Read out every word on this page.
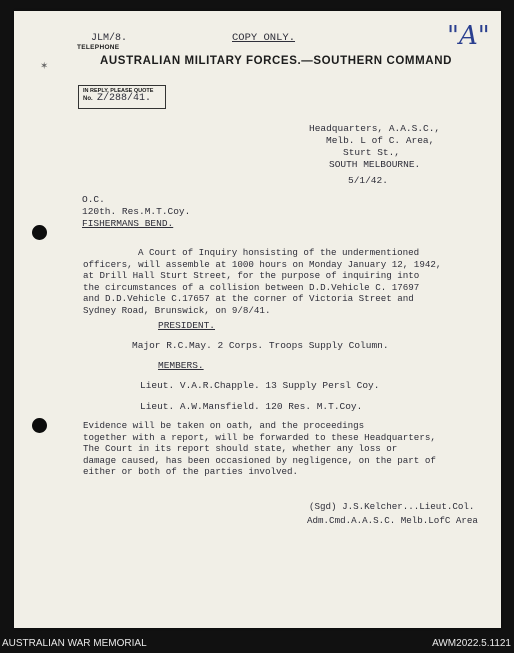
JLM/8.	COPY ONLY.	"A"
TELEPHONE
AUSTRALIAN MILITARY FORCES.—SOUTHERN COMMAND
✶
IN REPLY, PLEASE QUOTE
No. Z/288/41.
Headquarters, A.A.S.C.,
Melb. L of C. Area,
Sturt St.,
SOUTH MELBOURNE.
5/1/42.
O.C.
120th. Res.M.T.Coy.
FISHERMANS BEND.
A Court of Inquiry honsisting of the undermentioned
officers, will assemble at 1000 hours on Monday January 12, 1942,
at Drill Hall Sturt Street, for the purpose of inquiring into
the circumstances of a collision between D.D.Vehicle C. 17697
and D.D.Vehicle C.17657 at the corner of Victoria Street and
Sydney Road, Brunswick, on 9/8/41.
PRESIDENT.
Major R.C.May. 2 Corps. Troops Supply Column.
MEMBERS.
Lieut. V.A.R.Chapple. 13 Supply Persl Coy.
Lieut. A.W.Mansfield. 120 Res. M.T.Coy.
Evidence will be taken on oath, and the proceedings
together with a report, will be forwarded to these Headquarters,
The Court in its report should state, whether any loss or
damage caused, has been occasioned by negligence, on the part of
either or both of the parties involved.
(Sgd) J.S.Kelcher...Lieut.Col.
Adm.Cmd.A.A.S.C. Melb.LofC Area
AUSTRALIAN WAR MEMORIAL	AWM2022.5.1121
